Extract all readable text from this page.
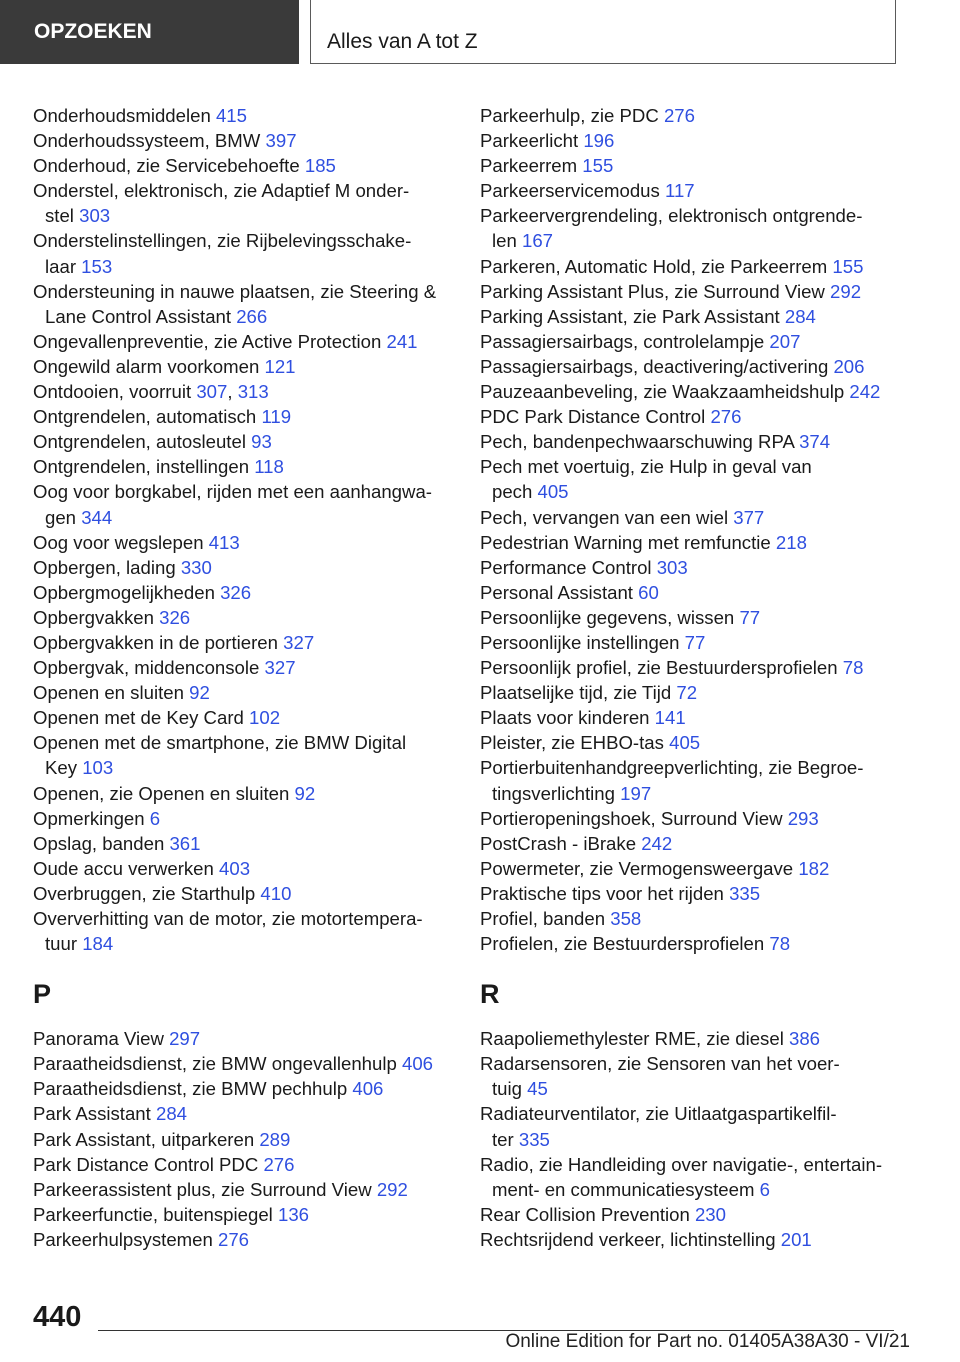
OPZOEKEN	Alles van A tot Z
Onderhoudsmiddelen 415
Onderhoudssysteem, BMW 397
Onderhoud, zie Servicebehoefte 185
Onderstel, elektronisch, zie Adaptief M onder‐
stel 303
Onderstelinstellingen, zie Rijbelevingsschake‐
laar 153
Ondersteuning in nauwe plaatsen, zie Steering &
Lane Control Assistant 266
Ongevallenpreventie, zie Active Protection 241
Ongewild alarm voorkomen 121
Ontdooien, voorruit 307, 313
Ontgrendelen, automatisch 119
Ontgrendelen, autosleutel 93
Ontgrendelen, instellingen 118
Oog voor borgkabel, rijden met een aanhangwa‐
gen 344
Oog voor wegslepen 413
Opbergen, lading 330
Opbergmogelijkheden 326
Opbergvakken 326
Opbergvakken in de portieren 327
Opbergvak, middenconsole 327
Openen en sluiten 92
Openen met de Key Card 102
Openen met de smartphone, zie BMW Digital
Key 103
Openen, zie Openen en sluiten 92
Opmerkingen 6
Opslag, banden 361
Oude accu verwerken 403
Overbruggen, zie Starthulp 410
Oververhitting van de motor, zie motortempera‐
tuur 184
P
Panorama View 297
Paraatheidsdienst, zie BMW ongevallenhulp 406
Paraatheidsdienst, zie BMW pechhulp 406
Park Assistant 284
Park Assistant, uitparkeren 289
Park Distance Control PDC 276
Parkeerassistent plus, zie Surround View 292
Parkeerfunctie, buitenspiegel 136
Parkeerhulpsystemen 276
Parkeerhulp, zie PDC 276
Parkeerlicht 196
Parkeerrem 155
Parkeerservicemodus 117
Parkeervergrendeling, elektronisch ontgrende‐
len 167
Parkeren, Automatic Hold, zie Parkeerrem 155
Parking Assistant Plus, zie Surround View 292
Parking Assistant, zie Park Assistant 284
Passagiersairbags, controlelampje 207
Passagiersairbags, deactivering/activering 206
Pauzeaanbeveling, zie Waakzaamheidshulp 242
PDC Park Distance Control 276
Pech, bandenpechwaarschuwing RPA 374
Pech met voertuig, zie Hulp in geval van
pech 405
Pech, vervangen van een wiel 377
Pedestrian Warning met remfunctie 218
Performance Control 303
Personal Assistant 60
Persoonlijke gegevens, wissen 77
Persoonlijke instellingen 77
Persoonlijk profiel, zie Bestuurdersprofielen 78
Plaatselijke tijd, zie Tijd 72
Plaats voor kinderen 141
Pleister, zie EHBO-tas 405
Portierbuitenhandgreepverlichting, zie Begroe‐
tingsverlichting 197
Portieropeningshoek, Surround View 293
PostCrash - iBrake 242
Powermeter, zie Vermogensweergave 182
Praktische tips voor het rijden 335
Profiel, banden 358
Profielen, zie Bestuurdersprofielen 78
R
Raapoliemethylester RME, zie diesel 386
Radarsensoren, zie Sensoren van het voer‐
tuig 45
Radiateurventilator, zie Uitlaatgaspartikelfil‐
ter 335
Radio, zie Handleiding over navigatie-, entertain‐
ment- en communicatiesysteem 6
Rear Collision Prevention 230
Rechtsrijdend verkeer, lichtinstelling 201
440
Online Edition for Part no. 01405A38A30 - VI/21
